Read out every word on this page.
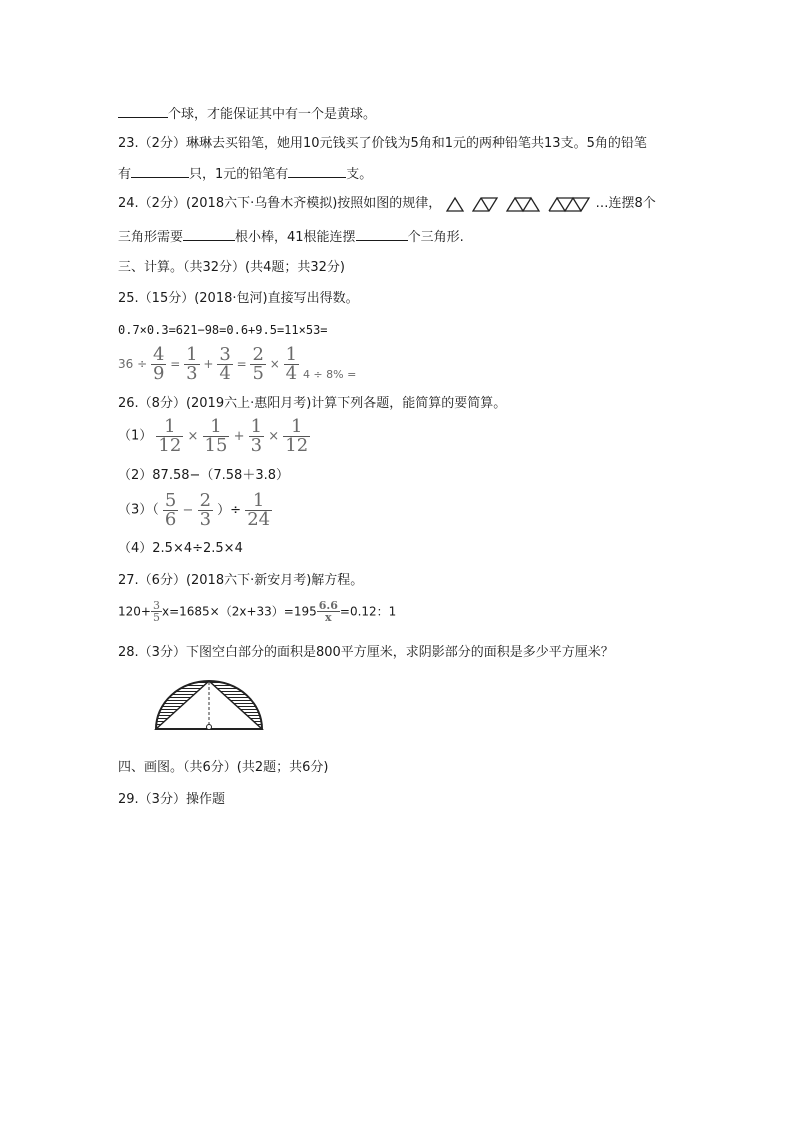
个球，才能保证其中有一个是黄球。
23.（2分）琳琳去买铅笔，她用10元钱买了价钱为5角和1元的两种铅笔共13支。5角的铅笔
有	只，1元的铅笔有	支。
24.（2分）(2018六下·乌鲁木齐模拟)按照如图的规律，	…连摆8个
三角形需要	根小棒，41根能连摆	个三角形.
三、计算。（共32分）(共4题；共32分)
25.（15分）(2018·包河)直接写出得数。
0.7×0.3=621−98=0.6+9.5=11×53=
$36 \div \frac{4}{9} = \frac{1}{3} + \frac{3}{4} = \frac{2}{5} \times \frac{1}{4} 4 \div 8\%$ =
26.（8分）(2019六上·惠阳月考)计算下列各题，能简算的要简算。
$(1) \frac{1}{12} \times \frac{1}{15} + \frac{1}{3} \times \frac{1}{12}$
（2）87.58−（7.58＋3.8）
$(3)( \frac{5}{6} - \frac{2}{3}$ ）÷ $\frac{1}{24}$
（4）2.5×4÷2.5×4
27.（6分）(2018六下·新安月考)解方程。
$120+ \frac{3}{5} x=1685\times(2x+33)=195 \frac{6.6}{x} =0.12$：1
28.（3分）下图空白部分的面积是800平方厘米，求阴影部分的面积是多少平方厘米？
四、画图。（共6分）(共2题；共6分)
29.（3分）操作题
